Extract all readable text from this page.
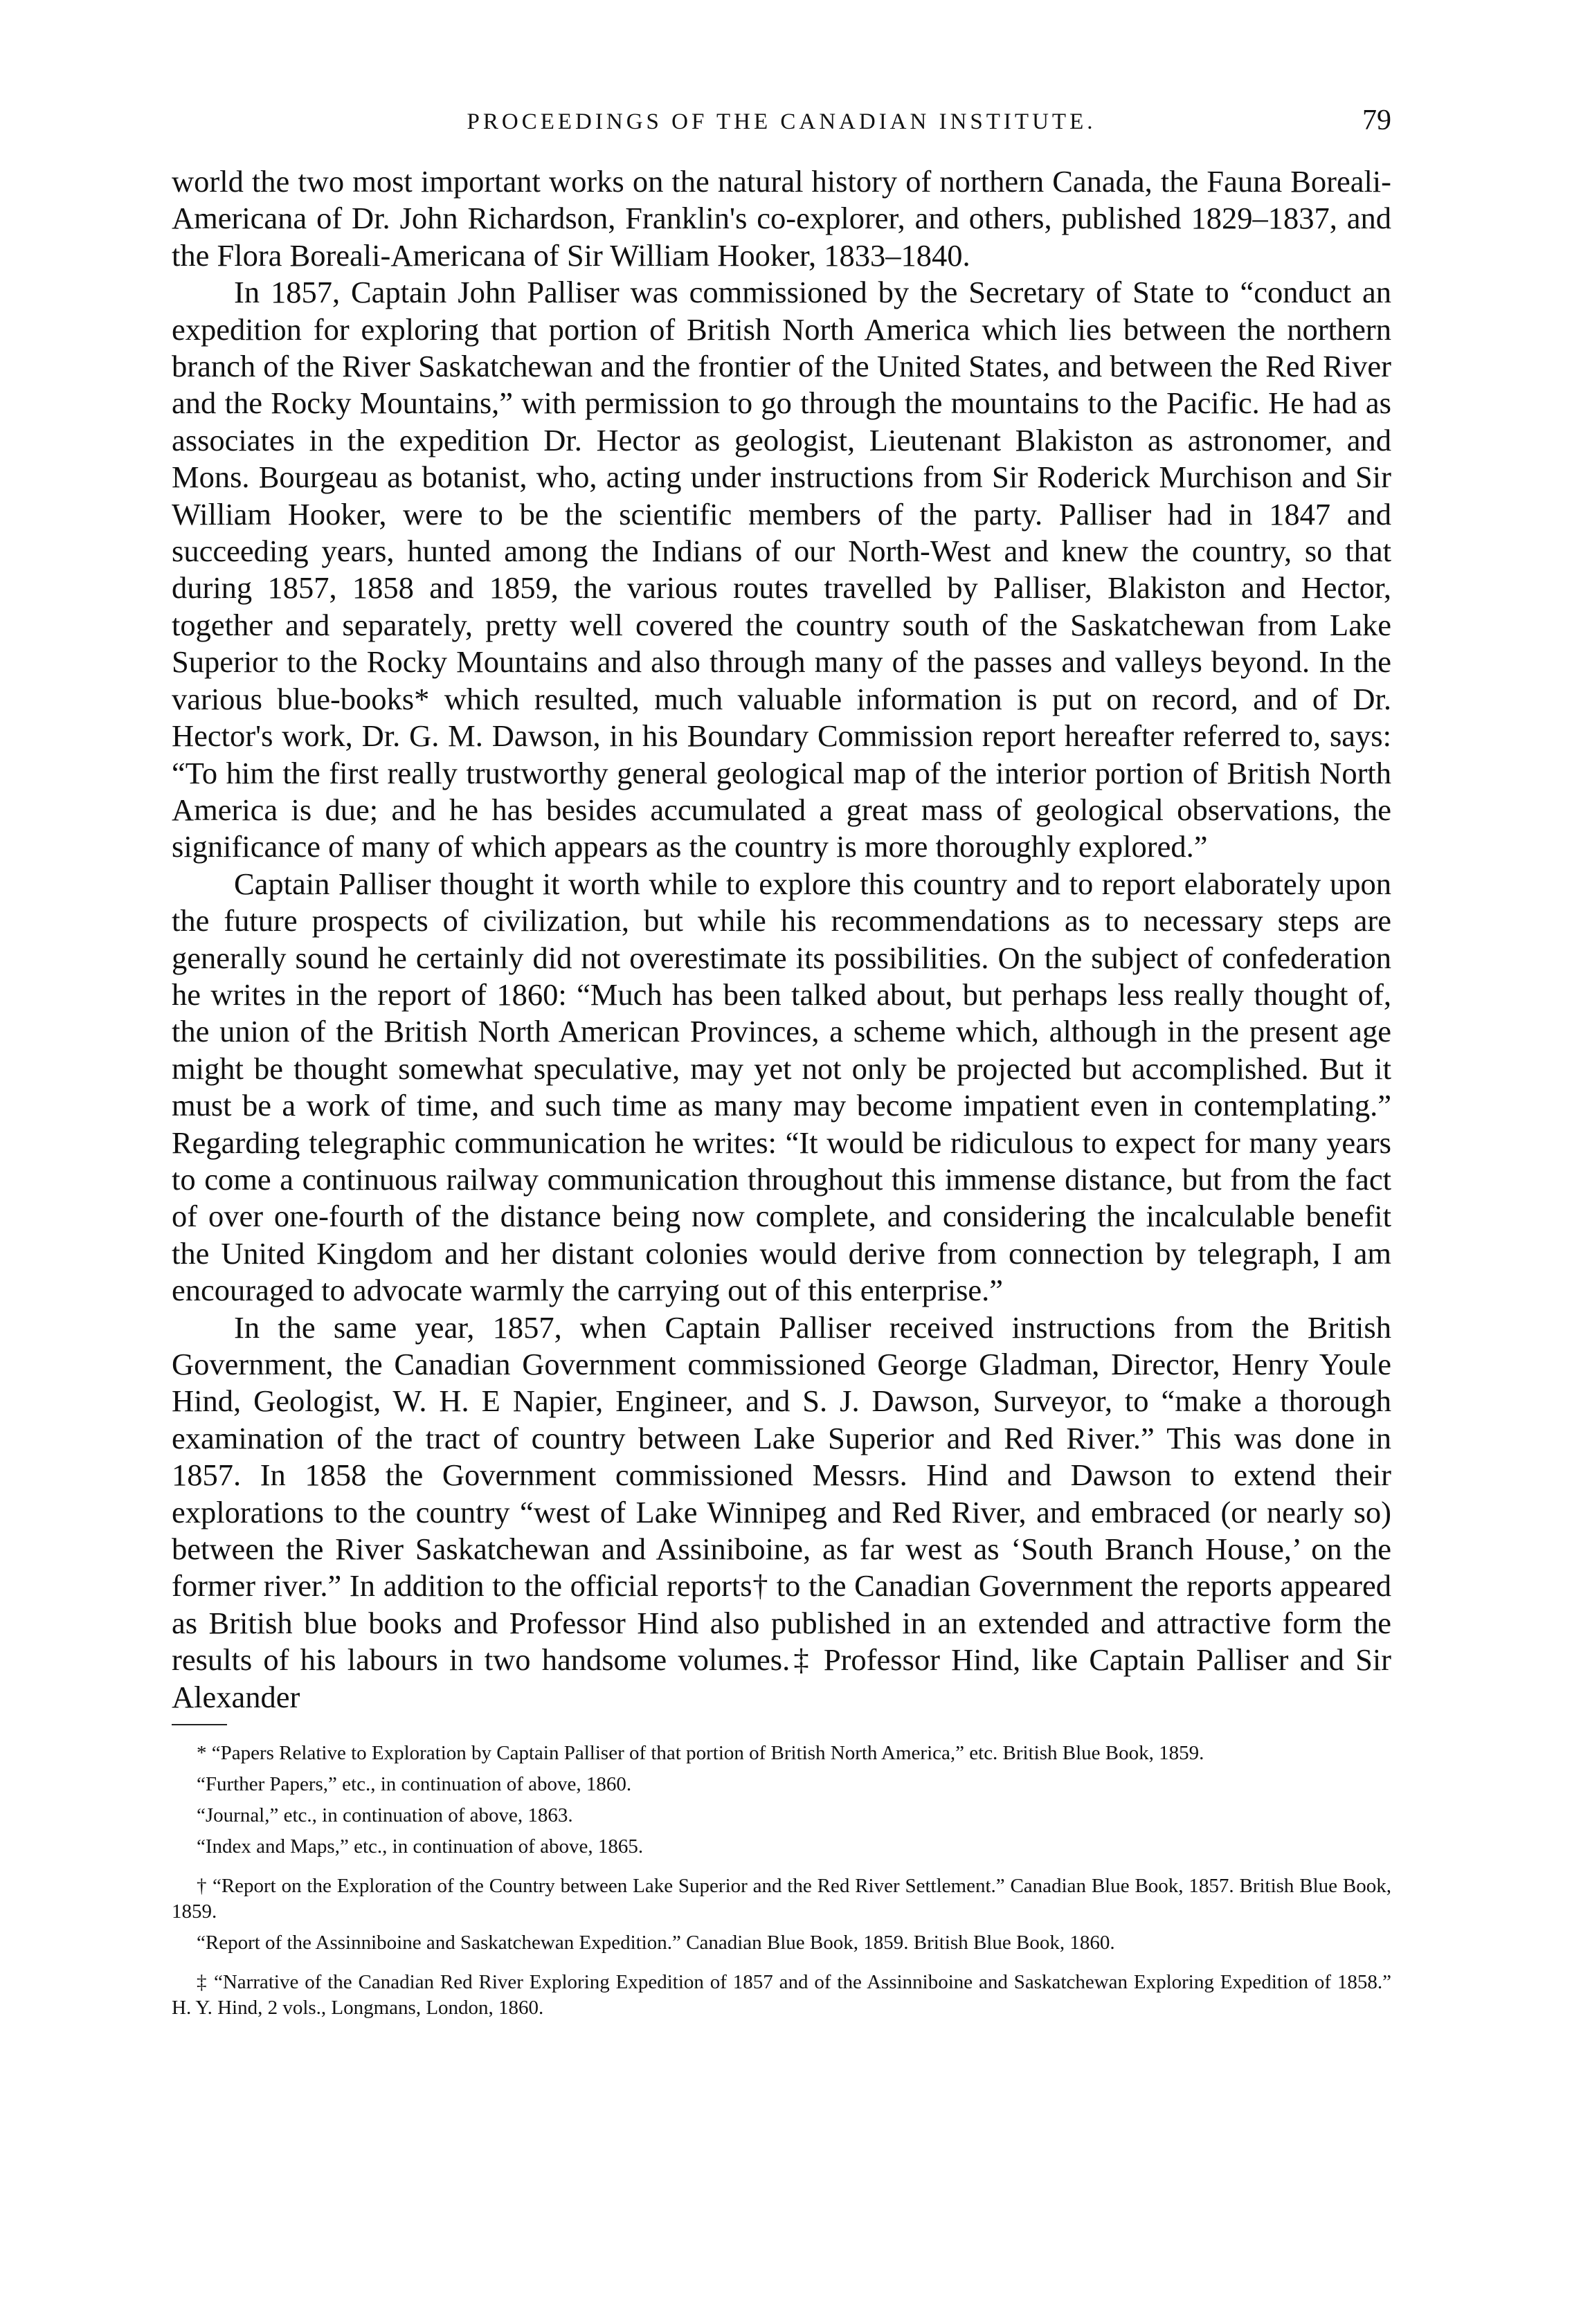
PROCEEDINGS OF THE CANADIAN INSTITUTE.	79

world the two most important works on the natural history of northern Canada, the Fauna Boreali-Americana of Dr. John Richardson, Franklin's co-explorer, and others, published 1829–1837, and the Flora Boreali-Americana of Sir William Hooker, 1833–1840.

In 1857, Captain John Palliser was commissioned by the Secretary of State to “conduct an expedition for exploring that portion of British North America which lies between the northern branch of the River Saskatchewan and the frontier of the United States, and between the Red River and the Rocky Mountains,” with permission to go through the mountains to the Pacific. He had as associates in the expedition Dr. Hector as geologist, Lieutenant Blakiston as astronomer, and Mons. Bourgeau as botanist, who, acting under instructions from Sir Roderick Murchison and Sir William Hooker, were to be the scientific members of the party. Palliser had in 1847 and succeeding years, hunted among the Indians of our North-West and knew the country, so that during 1857, 1858 and 1859, the various routes travelled by Palliser, Blakiston and Hector, together and separately, pretty well covered the country south of the Saskatchewan from Lake Superior to the Rocky Mountains and also through many of the passes and valleys beyond. In the various blue-books* which resulted, much valuable information is put on record, and of Dr. Hector's work, Dr. G. M. Dawson, in his Boundary Commission report hereafter referred to, says: “To him the first really trustworthy general geological map of the interior portion of British North America is due; and he has besides accumulated a great mass of geological observations, the significance of many of which appears as the country is more thoroughly explored.”

Captain Palliser thought it worth while to explore this country and to report elaborately upon the future prospects of civilization, but while his recommendations as to necessary steps are generally sound he certainly did not overestimate its possibilities. On the subject of confederation he writes in the report of 1860: “Much has been talked about, but perhaps less really thought of, the union of the British North American Provinces, a scheme which, although in the present age might be thought somewhat speculative, may yet not only be projected but accomplished. But it must be a work of time, and such time as many may become impatient even in contemplating.” Regarding telegraphic communication he writes: “It would be ridiculous to expect for many years to come a continuous railway communication throughout this immense distance, but from the fact of over one-fourth of the distance being now complete, and considering the incalculable benefit the United Kingdom and her distant colonies would derive from connection by telegraph, I am encouraged to advocate warmly the carrying out of this enterprise.”

In the same year, 1857, when Captain Palliser received instructions from the British Government, the Canadian Government commissioned George Gladman, Director, Henry Youle Hind, Geologist, W. H. E Napier, Engineer, and S. J. Dawson, Surveyor, to “make a thorough examination of the tract of country between Lake Superior and Red River.” This was done in 1857. In 1858 the Government commissioned Messrs. Hind and Dawson to extend their explorations to the country “west of Lake Winnipeg and Red River, and embraced (or nearly so) between the River Saskatchewan and Assiniboine, as far west as ‘South Branch House,’ on the former river.” In addition to the official reports† to the Canadian Government the reports appeared as British blue books and Professor Hind also published in an extended and attractive form the results of his labours in two handsome volumes.‡ Professor Hind, like Captain Palliser and Sir Alexander

* “Papers Relative to Exploration by Captain Palliser of that portion of British North America,” etc. British Blue Book, 1859.

“Further Papers,” etc., in continuation of above, 1860.

“Journal,” etc., in continuation of above, 1863.

“Index and Maps,” etc., in continuation of above, 1865.

† “Report on the Exploration of the Country between Lake Superior and the Red River Settlement.” Canadian Blue Book, 1857. British Blue Book, 1859.

“Report of the Assinniboine and Saskatchewan Expedition.” Canadian Blue Book, 1859. British Blue Book, 1860.

‡ “Narrative of the Canadian Red River Exploring Expedition of 1857 and of the Assinniboine and Saskatchewan Exploring Expedition of 1858.” H. Y. Hind, 2 vols., Longmans, London, 1860.
